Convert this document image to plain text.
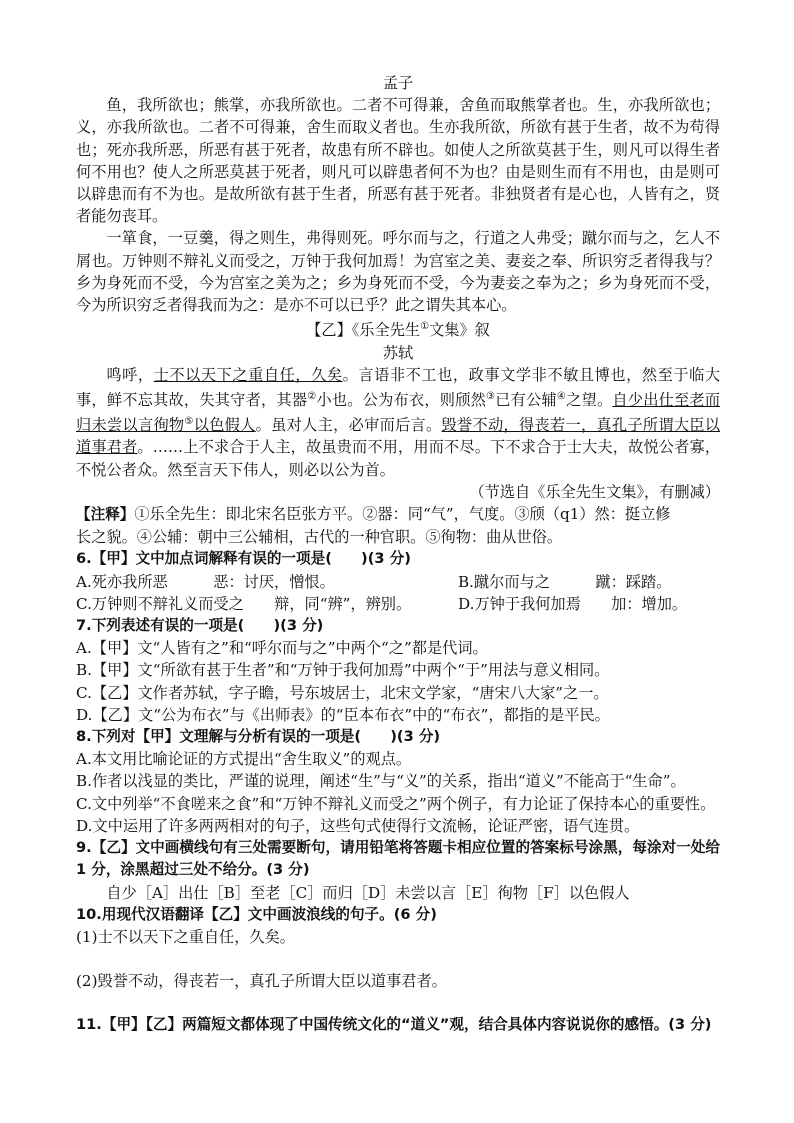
孟子

鱼，我所欲也；熊掌，亦我所欲也。二者不可得兼，舍鱼而取熊掌者也。生，亦我所欲也；义，亦我所欲也。二者不可得兼，舍生而取义者也。生亦我所欲，所欲有甚于生者，故不为苟得也；死亦我所恶，所恶有甚于死者，故患有所不辟也。如使人之所欲莫甚于生，则凡可以得生者何不用也？使人之所恶莫甚于死者，则凡可以辟患者何不为也？由是则生而有不用也，由是则可以辟患而有不为也。是故所欲有甚于生者，所恶有甚于死者。非独贤者有是心也，人皆有之，贤者能勿丧耳。

一箪食，一豆羹，得之则生，弗得则死。呼尔而与之，行道之人弗受；蹴尔而与之，乞人不屑也。万钟则不辩礼义而受之，万钟于我何加焉！为宫室之美、妻妾之奉、所识穷乏者得我与？乡为身死而不受，今为宫室之美为之；乡为身死而不受，今为妻妾之奉为之；乡为身死而不受，今为所识穷乏者得我而为之：是亦不可以已乎？此之谓失其本心。

【乙】《乐全先生①文集》叙

苏轼

鸣呼，士不以天下之重自任，久矣。言语非不工也，政事文学非不敏且博也，然至于临大事，鲜不忘其故，失其守者，其器②小也。公为布衣，则颀然③已有公辅④之望。自少出仕至老而归未尝以言徇物⑤以色假人。虽对人主，必审而后言。毁誉不动，得丧若一，真孔子所谓大臣以道事君者。……上不求合于人主，故虽贵而不用，用而不尽。下不求合于士大夫，故悦公者寡，不悦公者众。然至言天下伟人，则必以公为首。

（节选自《乐全先生文集》，有删减）

【注释】①乐全先生：即北宋名臣张方平。②器：同“气”，气度。③颀（q1）然：挺立修

长之貌。④公辅：朝中三公辅相，古代的一种官职。⑤徇物：曲从世俗。

6.【甲】文中加点词解释有误的一项是(　　)(3 分)

A.死亦我所恶　　　恶：讨厌，憎恨。	B.蹴尔而与之　　　蹴：踩踏。
C.万钟则不辩礼义而受之　　辩，同“辨”，辨别。	D.万钟于我何加焉　　加：增加。

7.下列表述有误的一项是(　　)(3 分)

A.【甲】文“人皆有之”和“呼尔而与之”中两个“之”都是代词。

B.【甲】文“所欲有甚于生者”和“万钟于我何加焉”中两个“于”用法与意义相同。

C.【乙】文作者苏轼，字子瞻，号东坡居士，北宋文学家，“唐宋八大家”之一。

D.【乙】文“公为布衣”与《出师表》的“臣本布衣”中的“布衣”，都指的是平民。

8.下列对【甲】文理解与分析有误的一项是(　　)(3 分)

A.本文用比喻论证的方式提出“舍生取义”的观点。

B.作者以浅显的类比，严谨的说理，阐述“生”与“义”的关系，指出“道义”不能高于“生命”。

C.文中列举“不食嗟来之食”和“万钟不辩礼义而受之”两个例子，有力论证了保持本心的重要性。

D.文中运用了许多两两相对的句子，这些句式使得行文流畅，论证严密，语气连贯。

9.【乙】文中画横线句有三处需要断句，请用铅笔将答题卡相应位置的答案标号涂黑，每涂对一处给 1 分，涂黑超过三处不给分。(3 分)

自少［A］出仕［B］至老［C］而归［D］未尝以言［E］徇物［F］以色假人

10.用现代汉语翻译【乙】文中画波浪线的句子。(6 分)

(1)士不以天下之重自任，久矣。

(2)毁誉不动，得丧若一，真孔子所谓大臣以道事君者。

11.【甲】【乙】两篇短文都体现了中国传统文化的“道义”观，结合具体内容说说你的感悟。(3 分)
